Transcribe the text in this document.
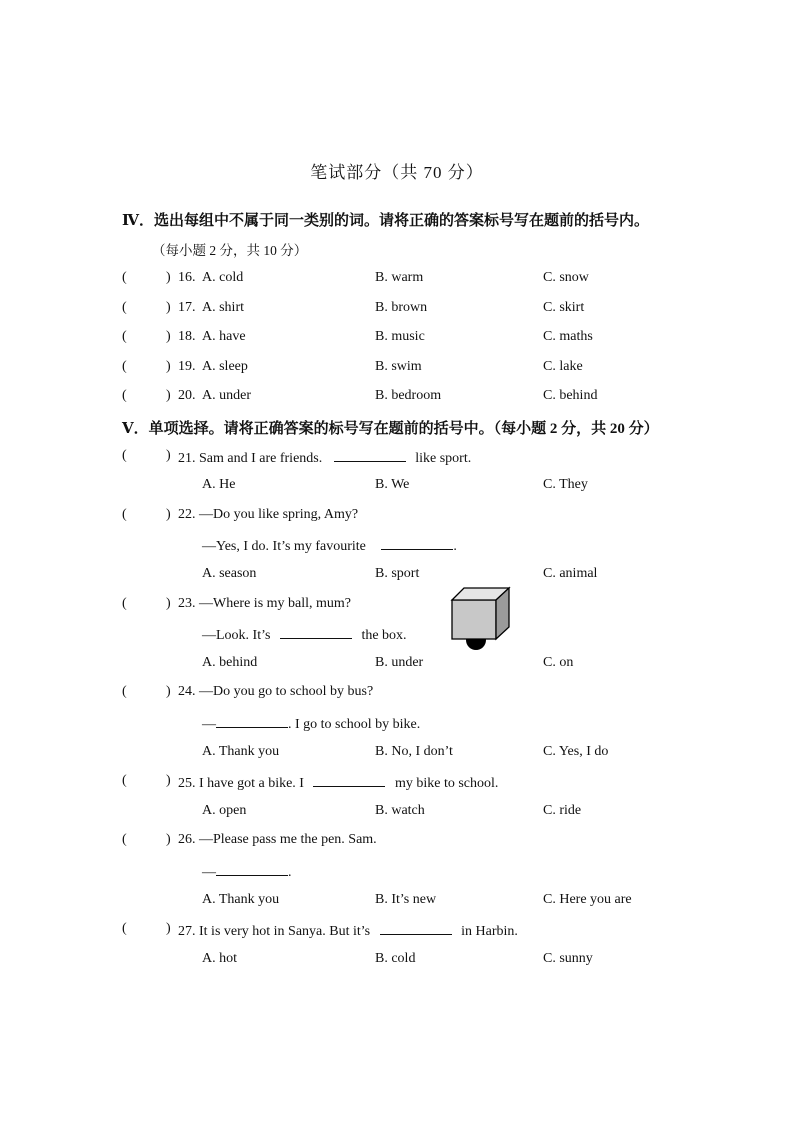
笔试部分（共 70 分）
Ⅳ．选出每组中不属于同一类别的词。请将正确的答案标号写在题前的括号内。
（每小题 2 分，共 10 分）
(	) 16. A. cold	B. warm	C. snow
(	) 17. A. shirt	B. brown	C. skirt
(	) 18. A. have	B. music	C. maths
(	) 19. A. sleep	B. swim	C. lake
(	) 20. A. under	B. bedroom	C. behind
Ⅴ．单项选择。请将正确答案的标号写在题前的括号中。（每小题 2 分，共 20 分）
(	) 21. Sam and I are friends.	like sport.
A. He	B. We	C. They
(	) 22. —Do you like spring, Amy?
—Yes, I do. It’s my favourite	.
A. season	B. sport	C. animal
(	) 23. —Where is my ball, mum?
—Look. It’s	the box.
A. behind	B. under	C. on
(	) 24. —Do you go to school by bus?
—	. I go to school by bike.
A. Thank you	B. No, I don’t	C. Yes, I do
(	) 25. I have got a bike. I	my bike to school.
A. open	B. watch	C. ride
(	) 26. —Please pass me the pen. Sam.
—	.
A. Thank you	B. It’s new	C. Here you are
(	) 27. It is very hot in Sanya. But it’s	in Harbin.
A. hot	B. cold	C. sunny
